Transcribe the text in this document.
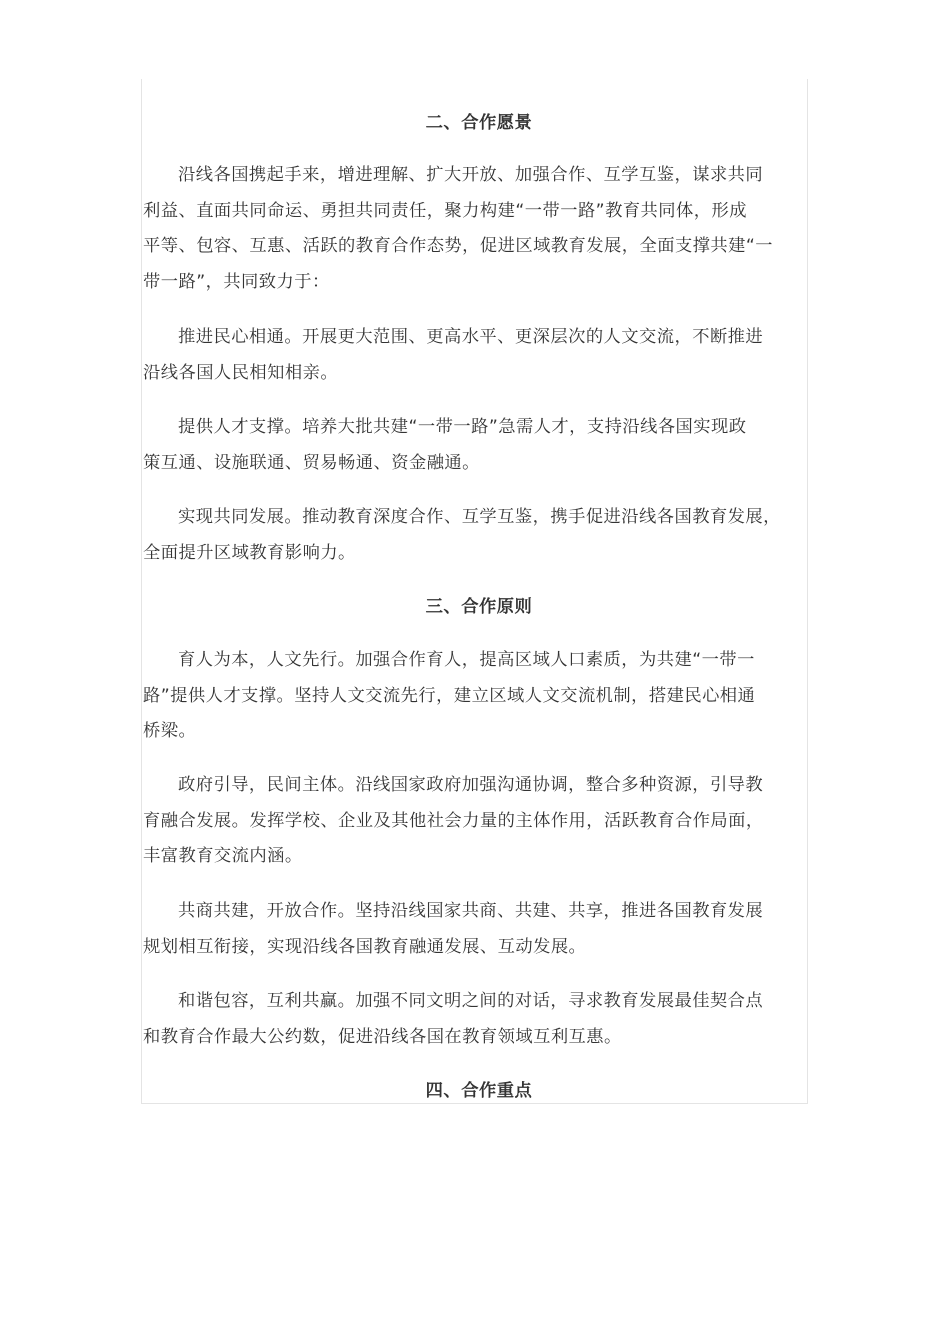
二、合作愿景
沿线各国携起手来，增进理解、扩大开放、加强合作、互学互鉴，谋求共同
利益、直面共同命运、勇担共同责任，聚力构建“一带一路”教育共同体，形成
平等、包容、互惠、活跃的教育合作态势，促进区域教育发展，全面支撑共建“一
带一路”，共同致力于：
推进民心相通。开展更大范围、更高水平、更深层次的人文交流，不断推进
沿线各国人民相知相亲。
提供人才支撑。培养大批共建“一带一路”急需人才，支持沿线各国实现政
策互通、设施联通、贸易畅通、资金融通。
实现共同发展。推动教育深度合作、互学互鉴，携手促进沿线各国教育发展，
全面提升区域教育影响力。
三、合作原则
育人为本，人文先行。加强合作育人，提高区域人口素质，为共建“一带一
路”提供人才支撑。坚持人文交流先行，建立区域人文交流机制，搭建民心相通
桥梁。
政府引导，民间主体。沿线国家政府加强沟通协调，整合多种资源，引导教
育融合发展。发挥学校、企业及其他社会力量的主体作用，活跃教育合作局面，
丰富教育交流内涵。
共商共建，开放合作。坚持沿线国家共商、共建、共享，推进各国教育发展
规划相互衔接，实现沿线各国教育融通发展、互动发展。
和谐包容，互利共赢。加强不同文明之间的对话，寻求教育发展最佳契合点
和教育合作最大公约数，促进沿线各国在教育领域互利互惠。
四、合作重点
